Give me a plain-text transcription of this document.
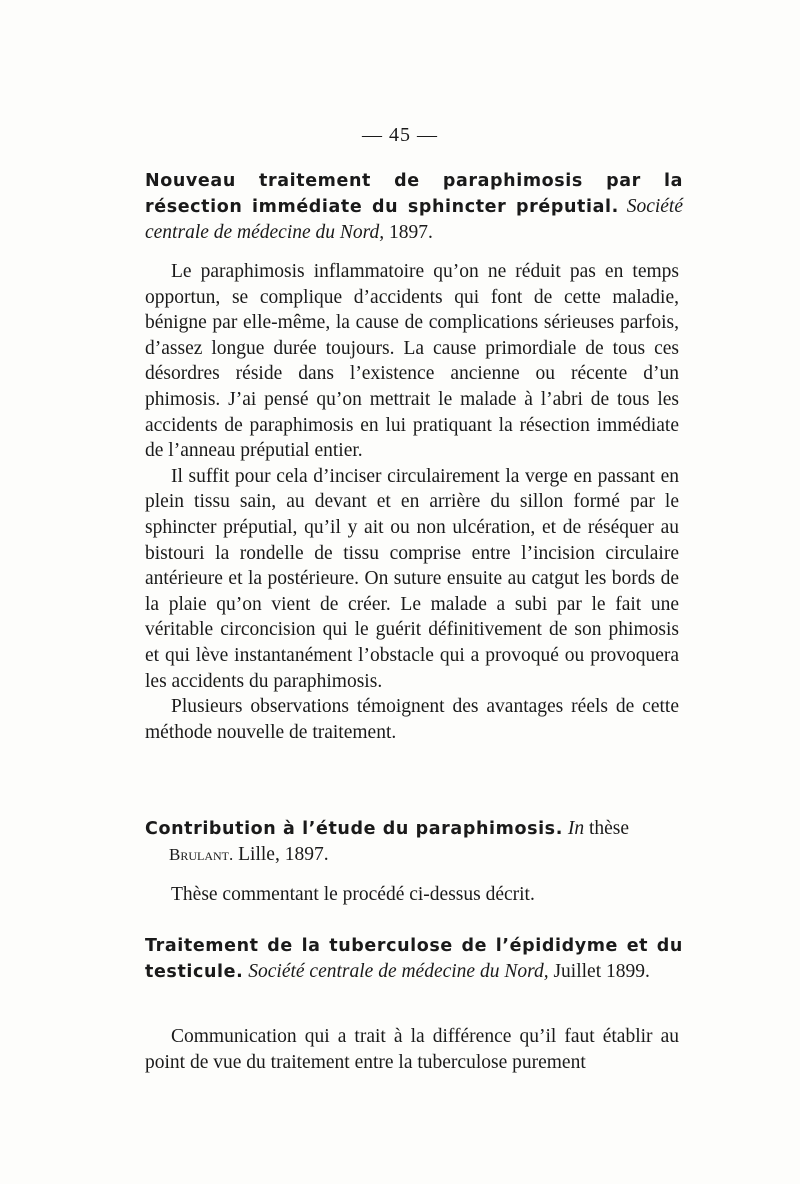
— 45 —
Nouveau traitement de paraphimosis par la résection immédiate du sphincter préputial. Société centrale de médecine du Nord, 1897.

Le paraphimosis inflammatoire qu’on ne réduit pas en temps opportun, se complique d’accidents qui font de cette maladie, bénigne par elle-même, la cause de complications sérieuses parfois, d’assez longue durée toujours. La cause primordiale de tous ces désordres réside dans l’existence ancienne ou récente d’un phimosis. J’ai pensé qu’on mettrait le malade à l’abri de tous les accidents de paraphimosis en lui pratiquant la résection immédiate de l’anneau préputial entier.

Il suffit pour cela d’inciser circulairement la verge en passant en plein tissu sain, au devant et en arrière du sillon formé par le sphincter préputial, qu’il y ait ou non ulcération, et de réséquer au bistouri la rondelle de tissu comprise entre l’incision circulaire antérieure et la postérieure. On suture ensuite au catgut les bords de la plaie qu’on vient de créer. Le malade a subi par le fait une véritable circoncision qui le guérit définitivement de son phimosis et qui lève instantanément l’obstacle qui a provoqué ou provoquera les accidents du paraphimosis.

Plusieurs observations témoignent des avantages réels de cette méthode nouvelle de traitement.

Contribution à l’étude du paraphimosis. In thèse
Brulant. Lille, 1897.

Thèse commentant le procédé ci-dessus décrit.

Traitement de la tuberculose de l’épididyme et du testicule. Société centrale de médecine du Nord, Juillet 1899.

Communication qui a trait à la différence qu’il faut établir au point de vue du traitement entre la tuberculose purement
